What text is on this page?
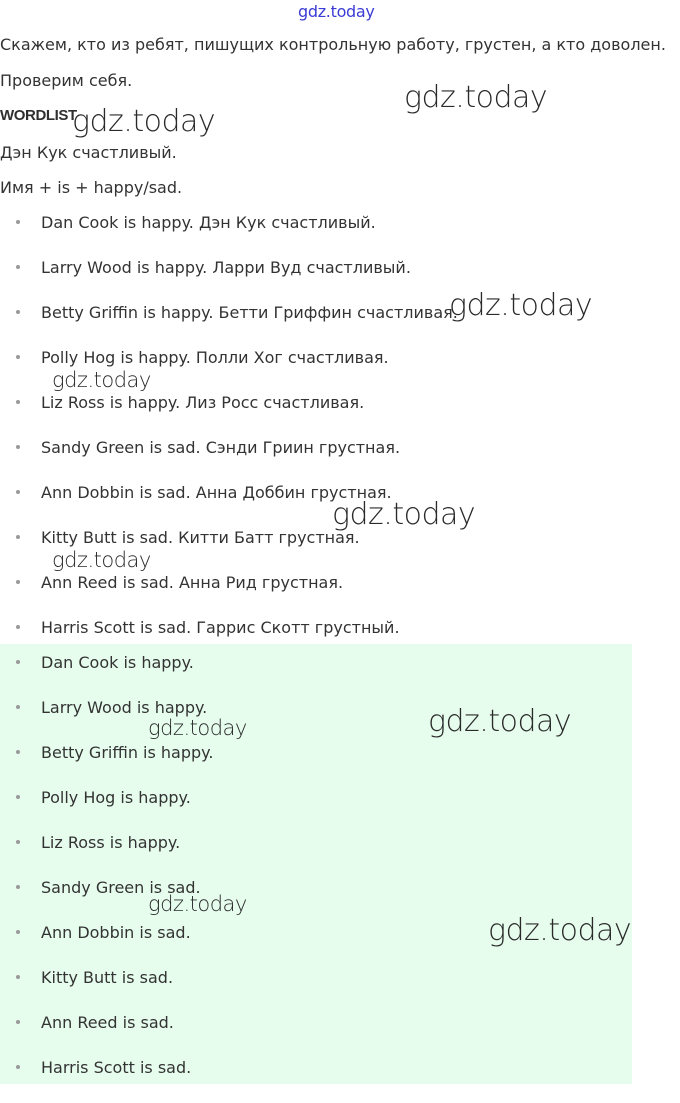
gdz.today
Скажем, кто из ребят, пишущих контрольную работу, грустен, а кто доволен.
Проверим себя.
WORDLIST
Дэн Кук счастливый.
Имя + is + happy/sad.
Dan Cook is happy. Дэн Кук счастливый.
Larry Wood is happy. Ларри Вуд счастливый.
Betty Griffin is happy. Бетти Гриффин счастливая.
Polly Hog is happy. Полли Хог счастливая.
Liz Ross is happy. Лиз Росс счастливая.
Sandy Green is sad. Сэнди Гриин грустная.
Ann Dobbin is sad. Анна Доббин грустная.
Kitty Butt is sad. Китти Батт грустная.
Ann Reed is sad. Анна Рид грустная.
Harris Scott is sad. Гаррис Скотт грустный.
Dan Cook is happy.
Larry Wood is happy.
Betty Griffin is happy.
Polly Hog is happy.
Liz Ross is happy.
Sandy Green is sad.
Ann Dobbin is sad.
Kitty Butt is sad.
Ann Reed is sad.
Harris Scott is sad.
gdz.today
gdz.today
gdz.today
gdz.today
gdz.today
gdz.today
gdz.today
gdz.today
gdz.today
gdz.today
